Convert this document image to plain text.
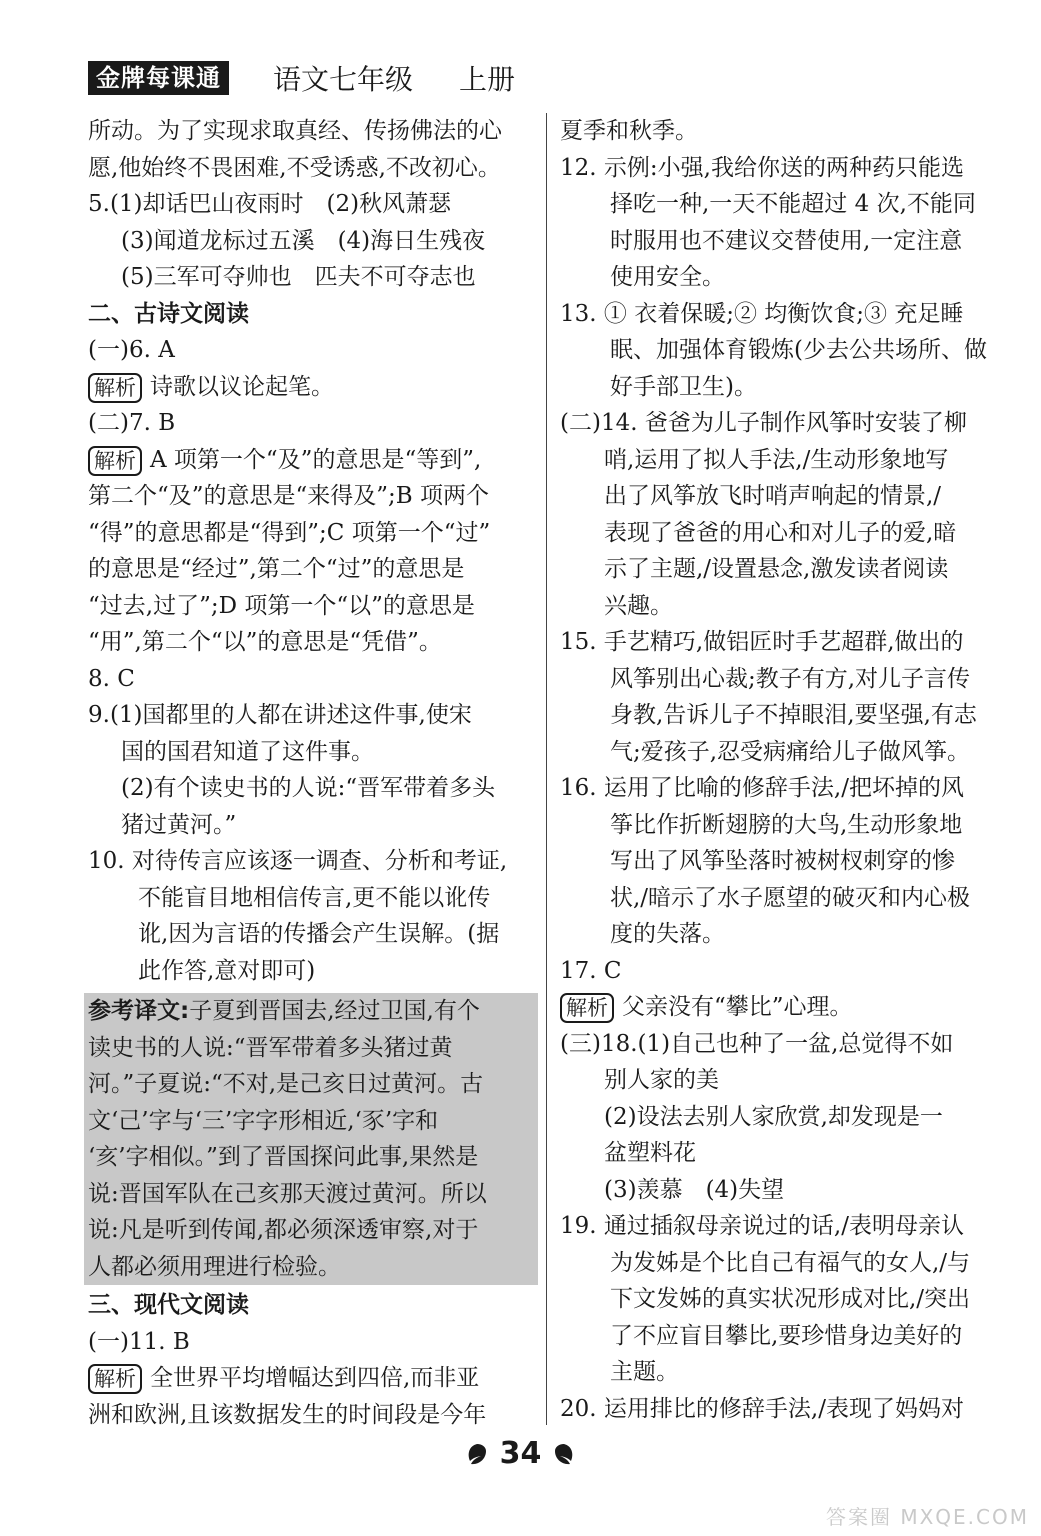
金牌每课通 语文七年级 上册
所动。为了实现求取真经、传扬佛法的心
愿,他始终不畏困难,不受诱惑,不改初心。
5.(1)却话巴山夜雨时　(2)秋风萧瑟
(3)闻道龙标过五溪　(4)海日生残夜
(5)三军可夺帅也　匹夫不可夺志也
二、古诗文阅读
(一)6. A
解析 诗歌以议论起笔。
(二)7. B
解析 A 项第一个“及”的意思是“等到”,
第二个“及”的意思是“来得及”;B 项两个
“得”的意思都是“得到”;C 项第一个“过”
的意思是“经过”,第二个“过”的意思是
“过去,过了”;D 项第一个“以”的意思是
“用”,第二个“以”的意思是“凭借”。
8. C
9.(1)国都里的人都在讲述这件事,使宋
国的国君知道了这件事。
(2)有个读史书的人说:“晋军带着多头
猪过黄河。”
10. 对待传言应该逐一调查、分析和考证,
不能盲目地相信传言,更不能以讹传
讹,因为言语的传播会产生误解。(据
此作答,意对即可)
参考译文:子夏到晋国去,经过卫国,有个
读史书的人说:“晋军带着多头猪过黄
河。”子夏说:“不对,是己亥日过黄河。古
文‘己’字与‘三’字字形相近,‘豕’字和
‘亥’字相似。”到了晋国探问此事,果然是
说:晋国军队在己亥那天渡过黄河。所以
说:凡是听到传闻,都必须深透审察,对于
人都必须用理进行检验。
三、现代文阅读
(一)11. B
解析 全世界平均增幅达到四倍,而非亚
洲和欧洲,且该数据发生的时间段是今年
夏季和秋季。
12. 示例:小强,我给你送的两种药只能选
择吃一种,一天不能超过 4 次,不能同
时服用也不建议交替使用,一定注意
使用安全。
13. ① 衣着保暖;② 均衡饮食;③ 充足睡
眠、加强体育锻炼(少去公共场所、做
好手部卫生)。
(二)14. 爸爸为儿子制作风筝时安装了柳
哨,运用了拟人手法,/生动形象地写
出了风筝放飞时哨声响起的情景,/
表现了爸爸的用心和对儿子的爱,暗
示了主题,/设置悬念,激发读者阅读
兴趣。
15. 手艺精巧,做铝匠时手艺超群,做出的
风筝别出心裁;教子有方,对儿子言传
身教,告诉儿子不掉眼泪,要坚强,有志
气;爱孩子,忍受病痛给儿子做风筝。
16. 运用了比喻的修辞手法,/把坏掉的风
筝比作折断翅膀的大鸟,生动形象地
写出了风筝坠落时被树杈刺穿的惨
状,/暗示了水子愿望的破灭和内心极
度的失落。
17. C
解析 父亲没有“攀比”心理。
(三)18.(1)自己也种了一盆,总觉得不如
别人家的美
(2)设法去别人家欣赏,却发现是一
盆塑料花
(3)羡慕　(4)失望
19. 通过插叙母亲说过的话,/表明母亲认
为发姊是个比自己有福气的女人,/与
下文发姊的真实状况形成对比,/突出
了不应盲目攀比,要珍惜身边美好的
主题。
20. 运用排比的修辞手法,/表现了妈妈对
34
答案圈 MXQE.COM
